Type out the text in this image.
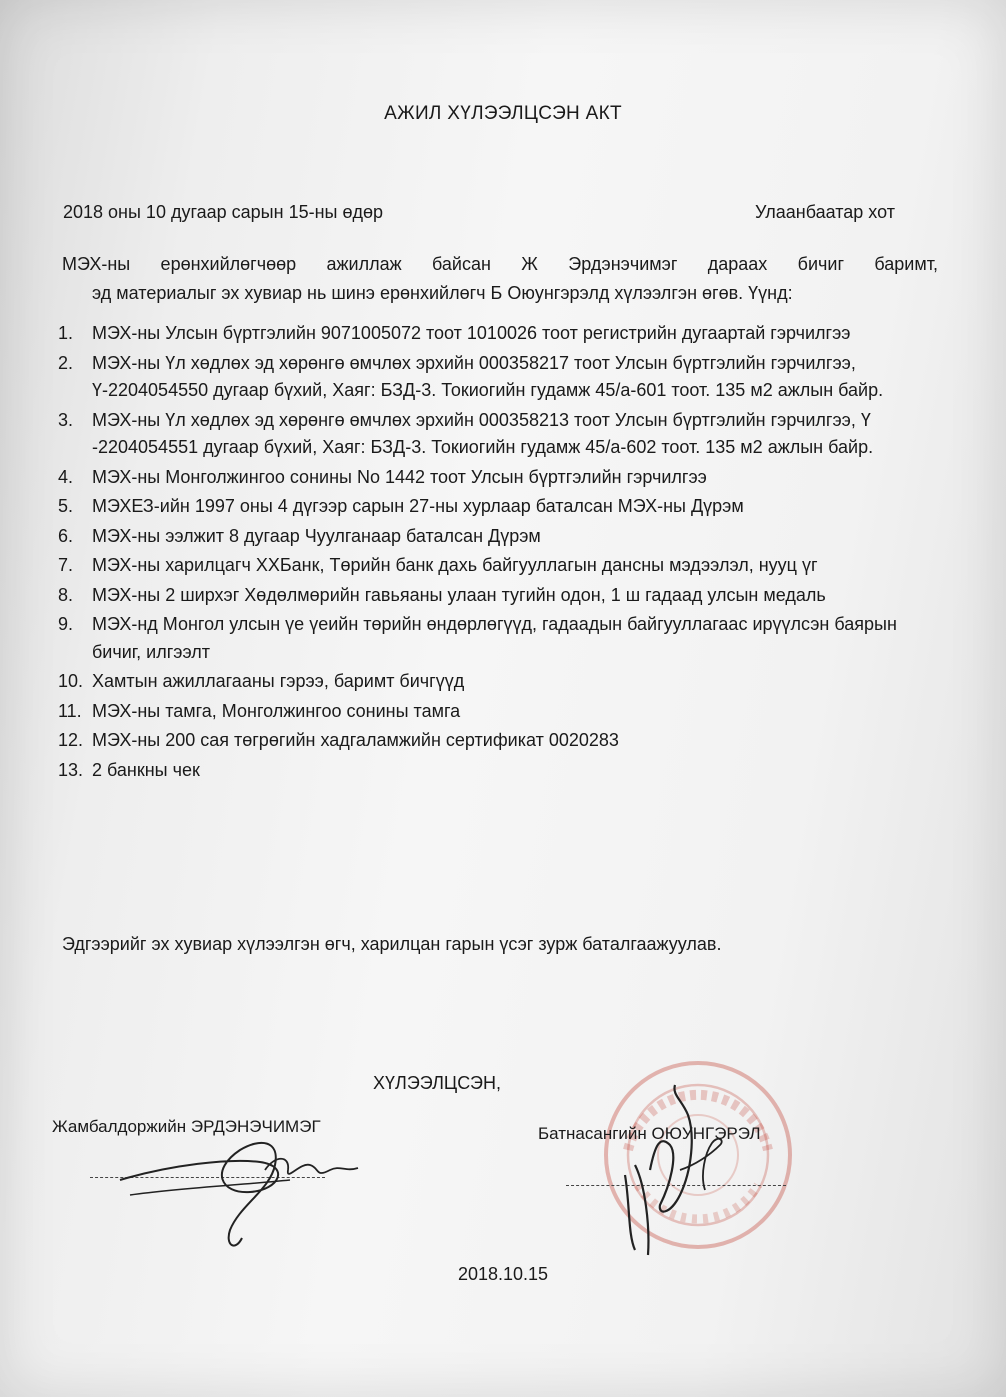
АЖИЛ ХҮЛЭЭЛЦСЭН АКТ
2018 оны 10 дугаар сарын 15-ны өдөр	Улаанбаатар хот
МЭХ-ны ерөнхийлөгчөөр ажиллаж байсан Ж Эрдэнэчимэг дараах бичиг баримт,
эд материалыг эх хувиар нь шинэ ерөнхийлөгч Б Оюунгэрэлд хүлээлгэн өгөв. Үүнд:
1. МЭХ-ны Улсын бүртгэлийн 9071005072 тоот 1010026 тоот регистрийн дугаартай гэрчилгээ
2. МЭХ-ны Үл хөдлөх эд хөрөнгө өмчлөх эрхийн 000358217 тоот Улсын бүртгэлийн гэрчилгээ, Ү-2204054550 дугаар бүхий, Хаяг: БЗД-3. Токиогийн гудамж 45/а-601 тоот. 135 м2 ажлын байр.
3. МЭХ-ны Үл хөдлөх эд хөрөнгө өмчлөх эрхийн 000358213 тоот Улсын бүртгэлийн гэрчилгээ, Ү -2204054551 дугаар бүхий, Хаяг: БЗД-3. Токиогийн гудамж 45/а-602 тоот. 135 м2 ажлын байр.
4. МЭХ-ны Монголжингоо сонины No 1442 тоот Улсын бүртгэлийн гэрчилгээ
5. МЭХЕЗ-ийн 1997 оны 4 дүгээр сарын 27-ны хурлаар баталсан МЭХ-ны Дүрэм
6. МЭХ-ны ээлжит 8 дугаар Чуулганаар баталсан Дүрэм
7. МЭХ-ны харилцагч ХХБанк, Төрийн банк дахь байгууллагын дансны мэдээлэл, нууц үг
8. МЭХ-ны 2 ширхэг Хөдөлмөрийн гавьяаны улаан тугийн одон, 1 ш гадаад улсын медаль
9. МЭХ-нд Монгол улсын үе үеийн төрийн өндөрлөгүүд, гадаадын байгууллагаас ирүүлсэн баярын бичиг, илгээлт
10. Хамтын ажиллагааны гэрээ, баримт бичгүүд
11. МЭХ-ны тамга, Монголжингоо сонины тамга
12. МЭХ-ны 200 сая төгрөгийн хадгаламжийн сертификат 0020283
13. 2 банкны чек
Эдгээрийг эх хувиар хүлээлгэн өгч, харилцан гарын үсэг зурж баталгаажуулав.
ХҮЛЭЭЛЦСЭН,
Жамбалдоржийн ЭРДЭНЭЧИМЭГ	Батнасангийн ОЮУНГЭРЭЛ
2018.10.15
